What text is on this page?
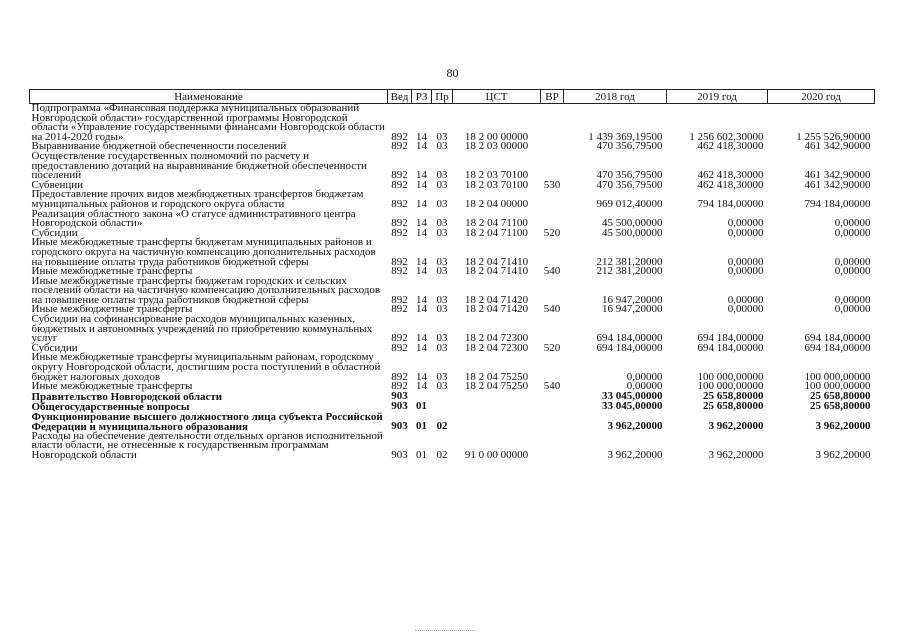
80
Наименование	Вед	РЗ	Пр	ЦСТ	ВР	2018 год	2019 год	2020 год
Подпрограмма «Финансовая поддержка муниципальных образований Новгородской области» государственной программы Новгородской области «Управление государственными финансами Новгородской области на 2014-2020 годы»	892	14	03	18 2 00 00000		1 439 369,19500	1 256 602,30000	1 255 526,90000
Выравнивание бюджетной обеспеченности поселений	892	14	03	18 2 03 00000		470 356,79500	462 418,30000	461 342,90000
Осуществление государственных полномочий по расчету и предоставлению дотаций на выравнивание бюджетной обеспеченности поселений	892	14	03	18 2 03 70100		470 356,79500	462 418,30000	461 342,90000
Субвенции	892	14	03	18 2 03 70100	530	470 356,79500	462 418,30000	461 342,90000
Предоставление прочих видов межбюджетных трансфертов бюджетам муниципальных районов и городского округа области	892	14	03	18 2 04 00000		969 012,40000	794 184,00000	794 184,00000
Реализация областного закона «О статусе административного центра Новгородской области»	892	14	03	18 2 04 71100		45 500,00000	0,00000	0,00000
Субсидии	892	14	03	18 2 04 71100	520	45 500,00000	0,00000	0,00000
Иные межбюджетные трансферты бюджетам муниципальных районов и городского округа на частичную компенсацию дополнительных расходов на повышение оплаты труда работников бюджетной сферы	892	14	03	18 2 04 71410		212 381,20000	0,00000	0,00000
Иные межбюджетные трансферты	892	14	03	18 2 04 71410	540	212 381,20000	0,00000	0,00000
Иные межбюджетные трансферты бюджетам городских и сельских поселений области на частичную компенсацию дополнительных расходов на повышение оплаты труда работников бюджетной сферы	892	14	03	18 2 04 71420		16 947,20000	0,00000	0,00000
Иные межбюджетные трансферты	892	14	03	18 2 04 71420	540	16 947,20000	0,00000	0,00000
Субсидии на софинансирование расходов муниципальных казенных, бюджетных и автономных учреждений по приобретению коммунальных услуг	892	14	03	18 2 04 72300		694 184,00000	694 184,00000	694 184,00000
Субсидии	892	14	03	18 2 04 72300	520	694 184,00000	694 184,00000	694 184,00000
Иные межбюджетные трансферты муниципальным районам, городскому округу Новгородской области, достигшим роста поступлений в областной бюджет налоговых доходов	892	14	03	18 2 04 75250		0,00000	100 000,00000	100 000,00000
Иные межбюджетные трансферты	892	14	03	18 2 04 75250	540	0,00000	100 000,00000	100 000,00000
Правительство Новгородской области	903					33 045,00000	25 658,80000	25 658,80000
Общегосударственные вопросы	903	01				33 045,00000	25 658,80000	25 658,80000
Функционирование высшего должностного лица субъекта Российской Федерации и муниципального образования	903	01	02			3 962,20000	3 962,20000	3 962,20000
Расходы на обеспечение деятельности отдельных органов исполнительной власти области, не отнесенные к государственным программам Новгородской области	903	01	02	91 0 00 00000		3 962,20000	3 962,20000	3 962,20000
